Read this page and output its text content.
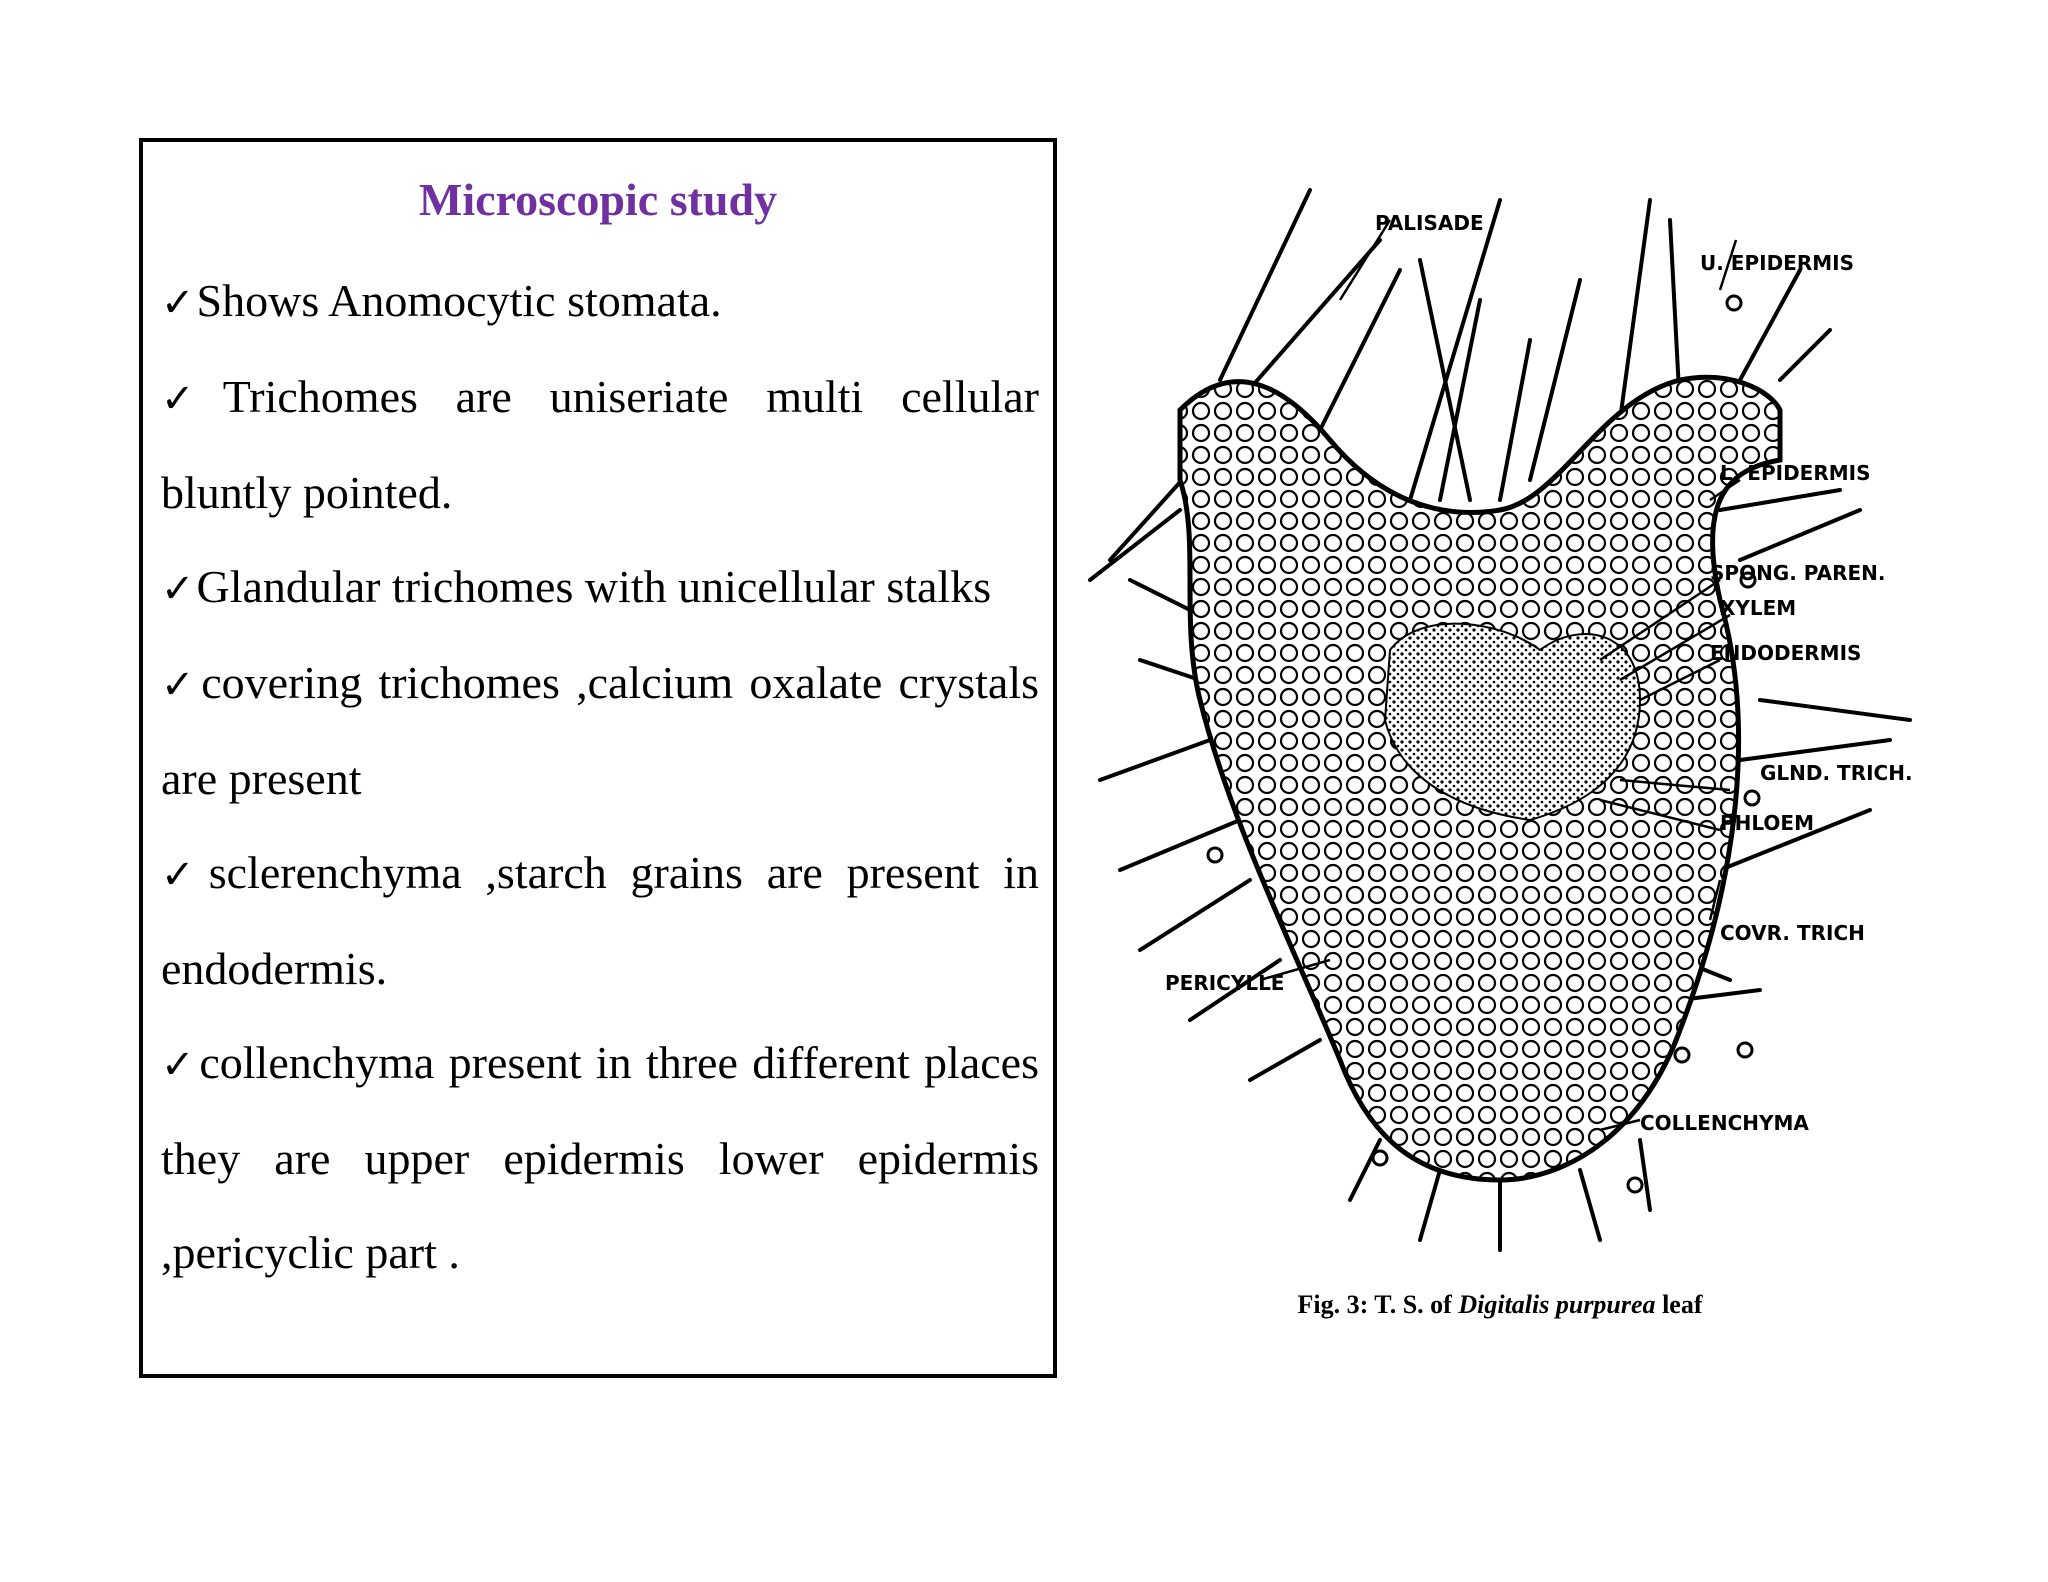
Microscopic study

✓Shows Anomocytic stomata.

✓Trichomes are uniseriate multi cellular bluntly pointed.

✓Glandular trichomes with unicellular stalks

✓covering trichomes ,calcium oxalate crystals are present

✓sclerenchyma ,starch grains are present in endodermis.

✓collenchyma present in three different places they are upper epidermis lower epidermis ,pericyclic part .

PALISADE
U. EPIDERMIS
L. EPIDERMIS
SPONG. PAREN.
XYLEM
ENDODERMIS
GLND. TRICH.
PHLOEM
COVR. TRICH
PERICYLLE
COLLENCHYMA
Fig. 3: T. S. of Digitalis purpurea leaf
